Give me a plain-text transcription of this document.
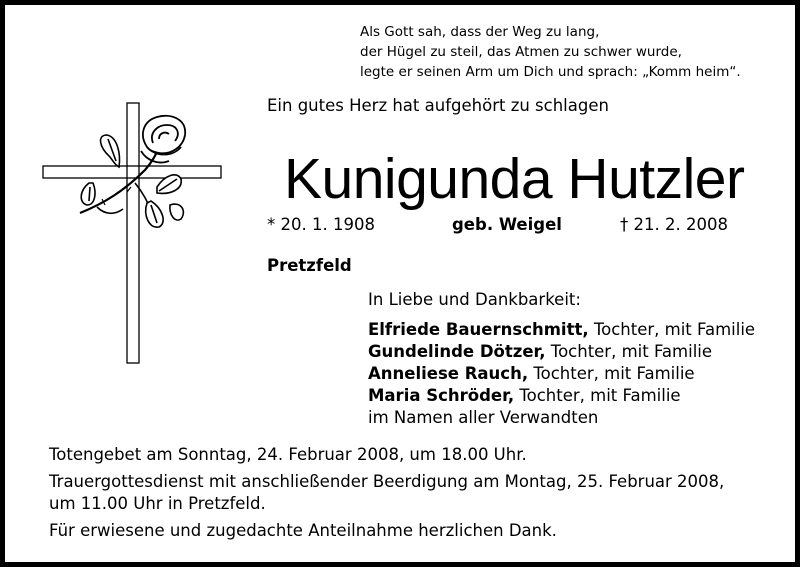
Als Gott sah, dass der Weg zu lang,
der Hügel zu steil, das Atmen zu schwer wurde,
legte er seinen Arm um Dich und sprach: „Komm heim“.
Ein gutes Herz hat aufgehört zu schlagen
Kunigunda Hutzler
* 20. 1. 1908	geb. Weigel	† 21. 2. 2008
Pretzfeld
In Liebe und Dankbarkeit:
Elfriede Bauernschmitt, Tochter, mit Familie
Gundelinde Dötzer, Tochter, mit Familie
Anneliese Rauch, Tochter, mit Familie
Maria Schröder, Tochter, mit Familie
im Namen aller Verwandten
Totengebet am Sonntag, 24. Februar 2008, um 18.00 Uhr.
Trauergottesdienst mit anschließender Beerdigung am Montag, 25. Februar 2008,
um 11.00 Uhr in Pretzfeld.
Für erwiesene und zugedachte Anteilnahme herzlichen Dank.
